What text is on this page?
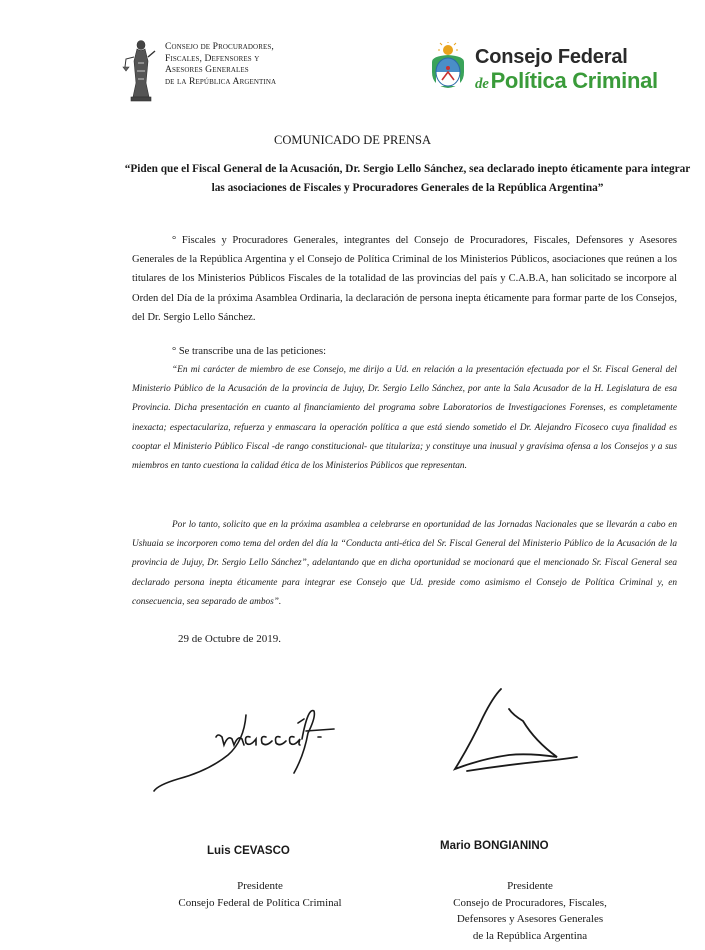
Consejo de Procuradores,
Fiscales, Defensores y
Asesores Generales
de la República Argentina
Consejo Federal
dePolítica Criminal
COMUNICADO DE PRENSA
“Piden que el Fiscal General de la Acusación, Dr. Sergio Lello Sánchez, sea declarado inepto éticamente para integrar las asociaciones de Fiscales y Procuradores Generales de la República Argentina”
° Fiscales y Procuradores Generales, integrantes del Consejo de Procuradores, Fiscales, Defensores y Asesores Generales de la República Argentina y el Consejo de Política Criminal de los Ministerios Públicos, asociaciones que reúnen a los titulares de los Ministerios Públicos Fiscales de la totalidad de las provincias del país y C.A.B.A, han solicitado se incorpore al Orden del Día de la próxima Asamblea Ordinaria, la declaración de persona inepta éticamente para formar parte de los Consejos, del Dr. Sergio Lello Sánchez.
° Se transcribe una de las peticiones:
“En mi carácter de miembro de ese Consejo, me dirijo a Ud. en relación a la presentación efectuada por el Sr. Fiscal General del Ministerio Público de la Acusación de la provincia de Jujuy, Dr. Sergio Lello Sánchez, por ante la Sala Acusador de la H. Legislatura de esa Provincia. Dicha presentación en cuanto al financiamiento del programa sobre Laboratorios de Investigaciones Forenses, es completamente inexacta; espectaculariza, refuerza y enmascara la operación política a que está siendo sometido el Dr. Alejandro Ficoseco cuya finalidad es cooptar el Ministerio Público Fiscal -de rango constitucional- que titulariza; y constituye una inusual y gravísima ofensa a los Consejos y a sus miembros en tanto cuestiona la calidad ética de los Ministerios Públicos que representan.
Por lo tanto, solicito que en la próxima asamblea a celebrarse en oportunidad de las Jornadas Nacionales que se llevarán a cabo en Ushuaia se incorporen como tema del orden del día la “Conducta anti-ética del Sr. Fiscal General del Ministerio Público de la Acusación de la provincia de Jujuy, Dr. Sergio Lello Sánchez”, adelantando que en dicha oportunidad se mocionará que el mencionado Sr. Fiscal General sea declarado persona inepta éticamente para integrar ese Consejo que Ud. preside como asimismo el Consejo de Política Criminal y, en consecuencia, sea separado de ambos”.
29 de Octubre de 2019.
Luis CEVASCO	Mario BONGIANINO
Presidente
Consejo Federal de Política Criminal
Presidente
Consejo de Procuradores, Fiscales,
Defensores y Asesores Generales
de la República Argentina
